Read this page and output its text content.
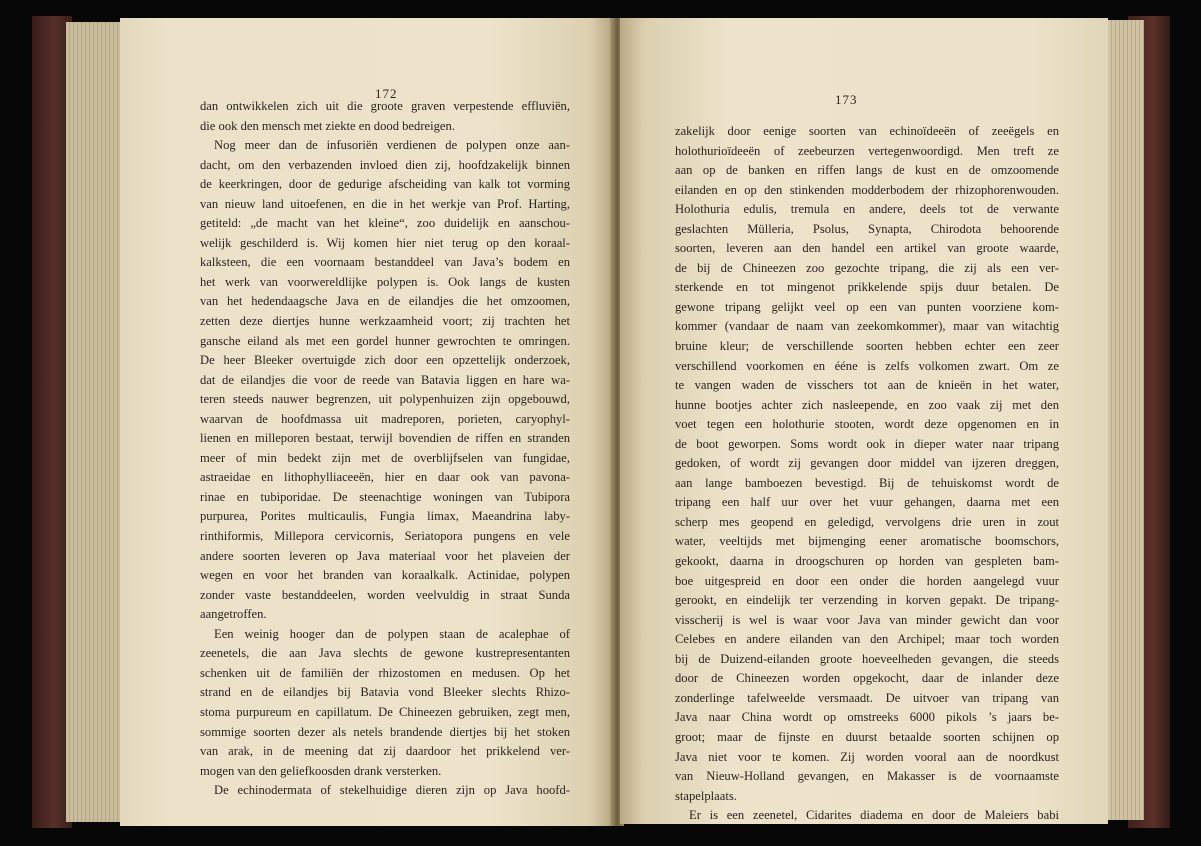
172
dan ontwikkelen zich uit die groote graven verpestende effluviën,
die ook den mensch met ziekte en dood bedreigen.
Nog meer dan de infusoriën verdienen de polypen onze aan-
dacht, om den verbazenden invloed dien zij, hoofdzakelijk binnen
de keerkringen, door de gedurige afscheiding van kalk tot vorming
van nieuw land uitoefenen, en die in het werkje van Prof. Harting,
getiteld: „de macht van het kleine“, zoo duidelijk en aanschou-
welijk geschilderd is. Wij komen hier niet terug op den koraal-
kalksteen, die een voornaam bestanddeel van Java’s bodem en
het werk van voorwereldlijke polypen is. Ook langs de kusten
van het hedendaagsche Java en de eilandjes die het omzoomen,
zetten deze diertjes hunne werkzaamheid voort; zij trachten het
gansche eiland als met een gordel hunner gewrochten te omringen.
De heer Bleeker overtuigde zich door een opzettelijk onderzoek,
dat de eilandjes die voor de reede van Batavia liggen en hare wa-
teren steeds nauwer begrenzen, uit polypenhuizen zijn opgebouwd,
waarvan de hoofdmassa uit madreporen, porieten, caryophyl-
lienen en milleporen bestaat, terwijl bovendien de riffen en stranden
meer of min bedekt zijn met de overblijfselen van fungidae,
astraeidae en lithophylliaceeën, hier en daar ook van pavona-
rinae en tubiporidae. De steenachtige woningen van Tubipora
purpurea, Porites multicaulis, Fungia limax, Maeandrina laby-
rinthiformis, Millepora cervicornis, Seriatopora pungens en vele
andere soorten leveren op Java materiaal voor het plaveien der
wegen en voor het branden van koraalkalk. Actinidae, polypen
zonder vaste bestanddeelen, worden veelvuldig in straat Sunda
aangetroffen.
Een weinig hooger dan de polypen staan de acalephae of
zeenetels, die aan Java slechts de gewone kustrepresentanten
schenken uit de familiën der rhizostomen en medusen. Op het
strand en de eilandjes bij Batavia vond Bleeker slechts Rhizo-
stoma purpureum en capillatum. De Chineezen gebruiken, zegt men,
sommige soorten dezer als netels brandende diertjes bij het stoken
van arak, in de meening dat zij daardoor het prikkelend ver-
mogen van den geliefkoosden drank versterken.
De echinodermata of stekelhuidige dieren zijn op Java hoofd-
173
zakelijk door eenige soorten van echinoïdeeën of zeeëgels en
holothurioïdeeën of zeebeurzen vertegenwoordigd. Men treft ze
aan op de banken en riffen langs de kust en de omzoomende
eilanden en op den stinkenden modderbodem der rhizophorenwouden.
Holothuria edulis, tremula en andere, deels tot de verwante
geslachten Mülleria, Psolus, Synapta, Chirodota behoorende
soorten, leveren aan den handel een artikel van groote waarde,
de bij de Chineezen zoo gezochte tripang, die zij als een ver-
sterkende en tot mingenot prikkelende spijs duur betalen. De
gewone tripang gelijkt veel op een van punten voorziene kom-
kommer (vandaar de naam van zeekomkommer), maar van witachtig
bruine kleur; de verschillende soorten hebben echter een zeer
verschillend voorkomen en ééne is zelfs volkomen zwart. Om ze
te vangen waden de visschers tot aan de knieën in het water,
hunne bootjes achter zich nasleepende, en zoo vaak zij met den
voet tegen een holothurie stooten, wordt deze opgenomen en in
de boot geworpen. Soms wordt ook in dieper water naar tripang
gedoken, of wordt zij gevangen door middel van ijzeren dreggen,
aan lange bamboezen bevestigd. Bij de tehuiskomst wordt de
tripang een half uur over het vuur gehangen, daarna met een
scherp mes geopend en geledigd, vervolgens drie uren in zout
water, veeltijds met bijmenging eener aromatische boomschors,
gekookt, daarna in droogschuren op horden van gespleten bam-
boe uitgespreid en door een onder die horden aangelegd vuur
gerookt, en eindelijk ter verzending in korven gepakt. De tripang-
visscherij is wel is waar voor Java van minder gewicht dan voor
Celebes en andere eilanden van den Archipel; maar toch worden
bij de Duizend-eilanden groote hoeveelheden gevangen, die steeds
door de Chineezen worden opgekocht, daar de inlander deze
zonderlinge tafelweelde versmaadt. De uitvoer van tripang van
Java naar China wordt op omstreeks 6000 pikols ’s jaars be-
groot; maar de fijnste en duurst betaalde soorten schijnen op
Java niet voor te komen. Zij worden vooral aan de noordkust
van Nieuw-Holland gevangen, en Makasser is de voornaamste
stapelplaats.
Er is een zeenetel, Cidarites diadema en door de Maleiers babi
